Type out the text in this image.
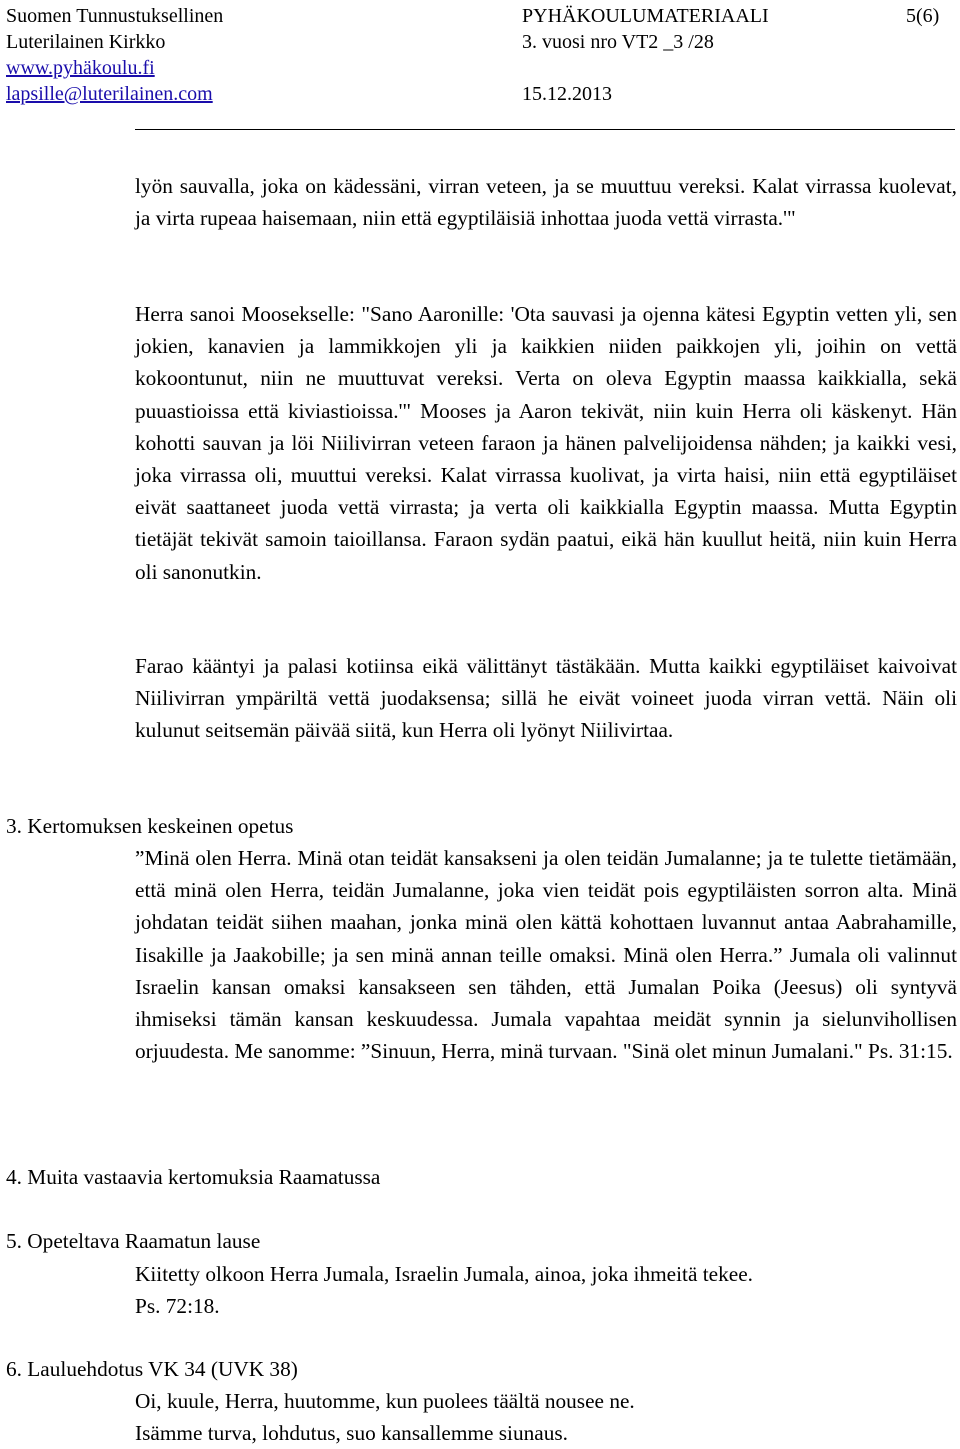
Suomen Tunnustuksellinen
Luterilainen Kirkko
www.pyhäkoulu.fi
lapsille@luterilainen.com
PYHÄKOULUMATERIAALI
3. vuosi nro VT2 _3 /28
15.12.2013
5(6)

lyön sauvalla, joka on kädessäni, virran veteen, ja se muuttuu vereksi. Kalat virrassa kuolevat, ja virta rupeaa haisemaan, niin että egyptiläisiä inhottaa juoda vettä virrasta.'"

Herra sanoi Moosekselle: "Sano Aaronille: 'Ota sauvasi ja ojenna kätesi Egyptin vetten yli, sen jokien, kanavien ja lammikkojen yli ja kaikkien niiden paikkojen yli, joihin on vettä kokoontunut, niin ne muuttuvat vereksi. Verta on oleva Egyptin maassa kaikkialla, sekä puuastioissa että kiviastioissa.'" Mooses ja Aaron tekivät, niin kuin Herra oli käskenyt. Hän kohotti sauvan ja löi Niilivirran veteen faraon ja hänen palvelijoidensa nähden; ja kaikki vesi, joka virrassa oli, muuttui vereksi. Kalat virrassa kuolivat, ja virta haisi, niin että egyptiläiset eivät saattaneet juoda vettä virrasta; ja verta oli kaikkialla Egyptin maassa. Mutta Egyptin tietäjät tekivät samoin taioillansa. Faraon sydän paatui, eikä hän kuullut heitä, niin kuin Herra oli sanonutkin.

Farao kääntyi ja palasi kotiinsa eikä välittänyt tästäkään. Mutta kaikki egyptiläiset kaivoivat Niilivirran ympäriltä vettä juodaksensa; sillä he eivät voineet juoda virran vettä. Näin oli kulunut seitsemän päivää siitä, kun Herra oli lyönyt Niilivirtaa.

3. Kertomuksen keskeinen opetus

”Minä olen Herra. Minä otan teidät kansakseni ja olen teidän Jumalanne; ja te tulette tietämään, että minä olen Herra, teidän Jumalanne, joka vien teidät pois egyptiläisten sorron alta. Minä johdatan teidät siihen maahan, jonka minä olen kättä kohottaen luvannut antaa Aabrahamille, Iisakille ja Jaakobille; ja sen minä annan teille omaksi. Minä olen Herra.” Jumala oli valinnut Israelin kansan omaksi kansakseen sen tähden, että Jumalan Poika (Jeesus) oli syntyvä ihmiseksi tämän kansan keskuudessa. Jumala vapahtaa meidät synnin ja sielunvihollisen orjuudesta. Me sanomme: ”Sinuun, Herra, minä turvaan. "Sinä olet minun Jumalani." Ps. 31:15.

4. Muita vastaavia kertomuksia Raamatussa
5. Opeteltava Raamatun lause

Kiitetty olkoon Herra Jumala, Israelin Jumala, ainoa, joka ihmeitä tekee.
Ps. 72:18.

6. Lauluehdotus VK 34 (UVK 38)

Oi, kuule, Herra, huutomme, kun puolees täältä nousee ne.
Isämme turva, lohdutus, suo kansallemme siunaus.
